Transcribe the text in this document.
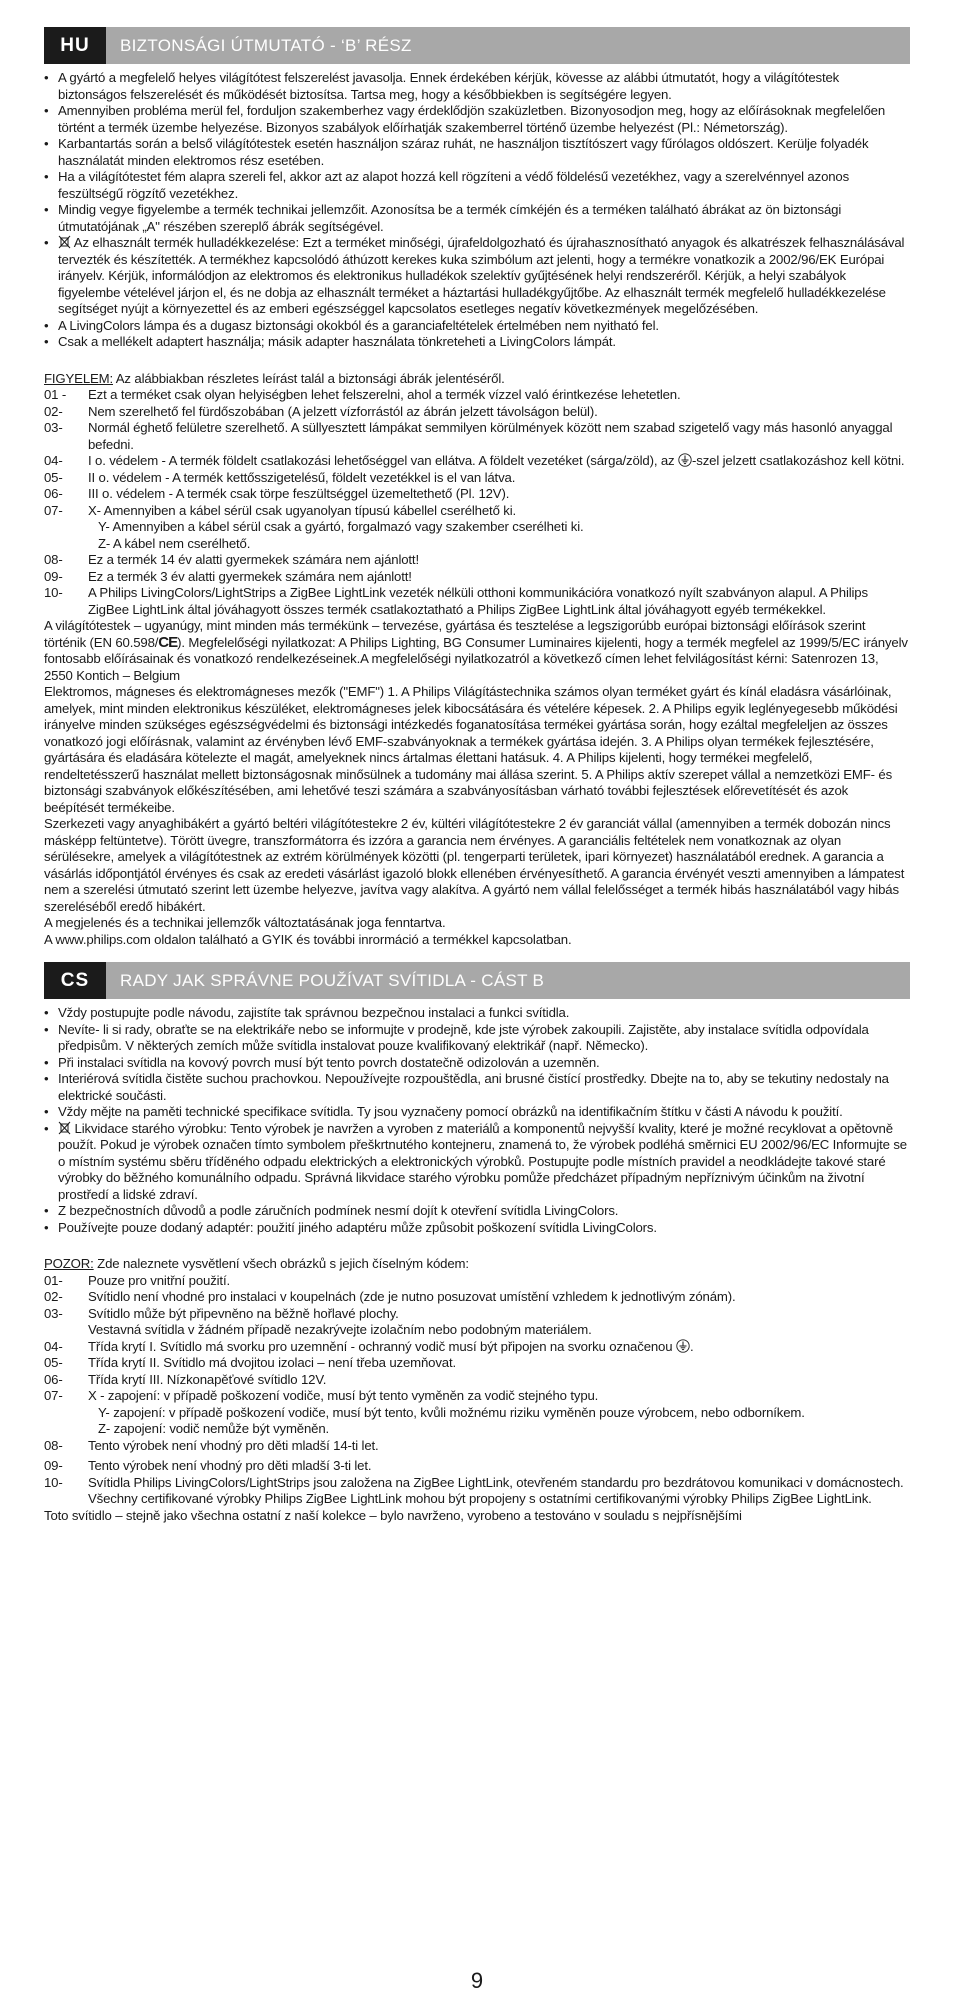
HU	BIZTONSÁGI ÚTMUTATÓ - ‘B’ RÉSZ
• A gyártó a megfelelő helyes világítótest felszerelést javasolja. Ennek érdekében kérjük, kövesse az alábbi útmutatót, hogy a világítótestek biztonságos felszerelését és működését biztosítsa. Tartsa meg, hogy a későbbiekben is segítségére legyen.
• Amennyiben probléma merül fel, forduljon szakemberhez vagy érdeklődjön szaküzletben. Bizonyosodjon meg, hogy az előírásoknak megfelelően történt a termék üzembe helyezése. Bizonyos szabályok előírhatják szakemberrel történő üzembe helyezést (Pl.: Németország).
• Karbantartás során a belső világítótestek esetén használjon száraz ruhát, ne használjon tisztítószert vagy fűrólagos oldószert. Kerülje folyadék használatát minden elektromos rész esetében.
• Ha a világítótestet fém alapra szereli fel, akkor azt az alapot hozzá kell rögzíteni a védő földelésű vezetékhez, vagy a szerelvénnyel azonos feszültségű rögzítő vezetékhez.
• Mindig vegye figyelembe a termék technikai jellemzőit. Azonosítsa be a termék címkéjén és a terméken található ábrákat az ön biztonsági útmutatójának „A" részében szereplő ábrák segítségével.
• Az elhasznált termék hulladékkezelése: Ezt a terméket minőségi, újrafeldolgozható és újrahasznosítható anyagok és alkatrészek felhasználásával tervezték és készítették. A termékhez kapcsolódó áthúzott kerekes kuka szimbólum azt jelenti, hogy a termékre vonatkozik a 2002/96/EK Európai irányelv. Kérjük, informálódjon az elektromos és elektronikus hulladékok szelektív gyűjtésének helyi rendszeréről. Kérjük, a helyi szabályok figyelembe vételével járjon el, és ne dobja az elhasznált terméket a háztartási hulladékgyűjtőbe. Az elhasznált termék megfelelő hulladékkezelése segítséget nyújt a környezettel és az emberi egészséggel kapcsolatos esetleges negatív következmények megelőzésében.
• A LivingColors lámpa és a dugasz biztonsági okokból és a garanciafeltételek értelmében nem nyitható fel.
• Csak a mellékelt adaptert használja; másik adapter használata tönkreteheti a LivingColors lámpát.
FIGYELEM: Az alábbiakban részletes leírást talál a biztonsági ábrák jelentéséről.
01 - Ezt a terméket csak olyan helyiségben lehet felszerelni, ahol a termék vízzel való érintkezése lehetetlen.
02- Nem szerelhető fel fürdőszobában (A jelzett vízforrástól az ábrán jelzett távolságon belül).
03- Normál éghető felületre szerelhető. A süllyesztett lámpákat semmilyen körülmények között nem szabad szigetelő vagy más hasonló anyaggal befedni.
04- I o. védelem - A termék földelt csatlakozási lehetőséggel van ellátva. A földelt vezetéket (sárga/zöld), az -szel jelzett csatlakozáshoz kell kötni.
05- II o. védelem - A termék kettősszigetelésű, földelt vezetékkel is el van látva.
06- III o. védelem - A termék csak törpe feszültséggel üzemeltethető (Pl. 12V).
07- X- Amennyiben a kábel sérül csak ugyanolyan típusú kábellel cserélhető ki.
Y- Amennyiben a kábel sérül csak a gyártó, forgalmazó vagy szakember cserélheti ki.
Z- A kábel nem cserélhető.
08- Ez a termék 14 év alatti gyermekek számára nem ajánlott!
09- Ez a termék 3 év alatti gyermekek számára nem ajánlott!
10- A Philips LivingColors/LightStrips a ZigBee LightLink vezeték nélküli otthoni kommunikációra vonatkozó nyílt szabványon alapul. A Philips ZigBee LightLink által jóváhagyott összes termék csatlakoztatható a Philips ZigBee LightLink által jóváhagyott egyéb termékekkel.

A világítótestek – ugyanúgy, mint minden más termékünk – tervezése, gyártása és tesztelése a legszigorúbb európai biztonsági előírások szerint történik (EN 60.598/CE). Megfelelőségi nyilatkozat: A Philips Lighting, BG Consumer Luminaires kijelenti, hogy a termék megfelel az 1999/5/EC irányelv fontosabb előírásainak és vonatkozó rendelkezéseinek.A megfelelőségi nyilatkozatról a következő címen lehet felvilágosítást kérni: Satenrozen 13, 2550 Kontich – Belgium

Elektromos, mágneses és elektromágneses mezők ("EMF") 1. A Philips Világítástechnika számos olyan terméket gyárt és kínál eladásra vásárlóinak, amelyek, mint minden elektronikus készüléket, elektromágneses jelek kibocsátására és vételére képesek. 2. A Philips egyik leglényegesebb működési irányelve minden szükséges egészségvédelmi és biztonsági intézkedés foganatosítása termékei gyártása során, hogy ezáltal megfeleljen az összes vonatkozó jogi előírásnak, valamint az érvényben lévő EMF-szabványoknak a termékek gyártása idején. 3. A Philips olyan termékek fejlesztésére, gyártására és eladására kötelezte el magát, amelyeknek nincs ártalmas élettani hatásuk. 4. A Philips kijelenti, hogy termékei megfelelő, rendeltetésszerű használat mellett biztonságosnak minősülnek a tudomány mai állása szerint. 5. A Philips aktív szerepet vállal a nemzetközi EMF- és biztonsági szabványok előkészítésében, ami lehetővé teszi számára a szabványosításban várható további fejlesztések előrevetítését és azok beépítését termékeibe.

Szerkezeti vagy anyaghibákért a gyártó beltéri világítótestekre 2 év, kültéri világítótestekre 2 év garanciát vállal (amennyiben a termék dobozán nincs másképp feltüntetve). Törött üvegre, transzformátorra és izzóra a garancia nem érvényes. A garanciális feltételek nem vonatkoznak az olyan sérülésekre, amelyek a világítótestnek az extrém körülmények közötti (pl. tengerparti területek, ipari környezet) használatából erednek. A garancia a vásárlás időpontjától érvényes és csak az eredeti vásárlást igazoló blokk ellenében érvényesíthető. A garancia érvényét veszti amennyiben a lámpatest nem a szerelési útmutató szerint lett üzembe helyezve, javítva vagy alakítva. A gyártó nem vállal felelősséget a termék hibás használatából vagy hibás szereléséből eredő hibákért.

A megjelenés és a technikai jellemzők változtatásának joga fenntartva.

A www.philips.com oldalon található a GYIK és további inrormáció a termékkel kapcsolatban.

CS	RADY JAK SPRÁVNE POUŽÍVAT SVÍTIDLA - CÁST B
• Vždy postupujte podle návodu, zajistíte tak správnou bezpečnou instalaci a funkci svítidla.
• Nevíte- li si rady, obraťte se na elektrikáře nebo se informujte v prodejně, kde jste výrobek zakoupili. Zajistěte, aby instalace svítidla odpovídala předpisům. V některých zemích může svítidla instalovat pouze kvalifikovaný elektrikář (např. Německo).
• Při instalaci svítidla na kovový povrch musí být tento povrch dostatečně odizolován a uzemněn.
• Interiérová svítidla čistěte suchou prachovkou. Nepoužívejte rozpouštědla, ani brusné čistící prostředky. Dbejte na to, aby se tekutiny nedostaly na elektrické součásti.
• Vždy mějte na paměti technické specifikace svítidla. Ty jsou vyznačeny pomocí obrázků na identifikačním štítku v části A návodu k použití.
• Likvidace starého výrobku: Tento výrobek je navržen a vyroben z materiálů a komponentů nejvyšší kvality, které je možné recyklovat a opětovně použít. Pokud je výrobek označen tímto symbolem přeškrtnutého kontejneru, znamená to, že výrobek podléhá směrnici EU 2002/96/EC Informujte se o místním systému sběru tříděného odpadu elektrických a elektronických výrobků. Postupujte podle místních pravidel a neodkládejte takové staré výrobky do běžného komunálního odpadu. Správná likvidace starého výrobku pomůže předcházet případným nepříznivým účinkům na životní prostředí a lidské zdraví.
• Z bezpečnostních důvodů a podle záručních podmínek nesmí dojít k otevření svítidla LivingColors.
• Používejte pouze dodaný adaptér: použití jiného adaptéru může způsobit poškození svítidla LivingColors.
POZOR: Zde naleznete vysvětlení všech obrázků s jejich číselným kódem:
01- Pouze pro vnitřní použití.
02- Svítidlo není vhodné pro instalaci v koupelnách (zde je nutno posuzovat umístění vzhledem k jednotlivým zónám).
03- Svítidlo může být připevněno na běžně hořlavé plochy.
Vestavná svítidla v žádném případě nezakrývejte izolačním nebo podobným materiálem.
04- Třída krytí I. Svítidlo má svorku pro uzemnění - ochranný vodič musí být připojen na svorku označenou .
05- Třída krytí II. Svítidlo má dvojitou izolaci – není třeba uzemňovat.
06- Třída krytí III. Nízkonapěťové svítidlo 12V.
07- X - zapojení: v případě poškození vodiče, musí být tento vyměněn za vodič stejného typu.
Y- zapojení: v případě poškození vodiče, musí být tento, kvůli možnému riziku vyměněn pouze výrobcem, nebo odborníkem.
Z- zapojení: vodič nemůže být vyměněn.
08- Tento výrobek není vhodný pro děti mladší 14-ti let.
09- Tento výrobek není vhodný pro děti mladší 3-ti let.
10- Svítidla Philips LivingColors/LightStrips jsou založena na ZigBee LightLink, otevřeném standardu pro bezdrátovou komunikaci v domácnostech. Všechny certifikované výrobky Philips ZigBee LightLink mohou být propojeny s ostatními certifikovanými výrobky Philips ZigBee LightLink.

Toto svítidlo – stejně jako všechna ostatní z naší kolekce – bylo navrženo, vyrobeno a testováno v souladu s nejpřísnějšími

9
